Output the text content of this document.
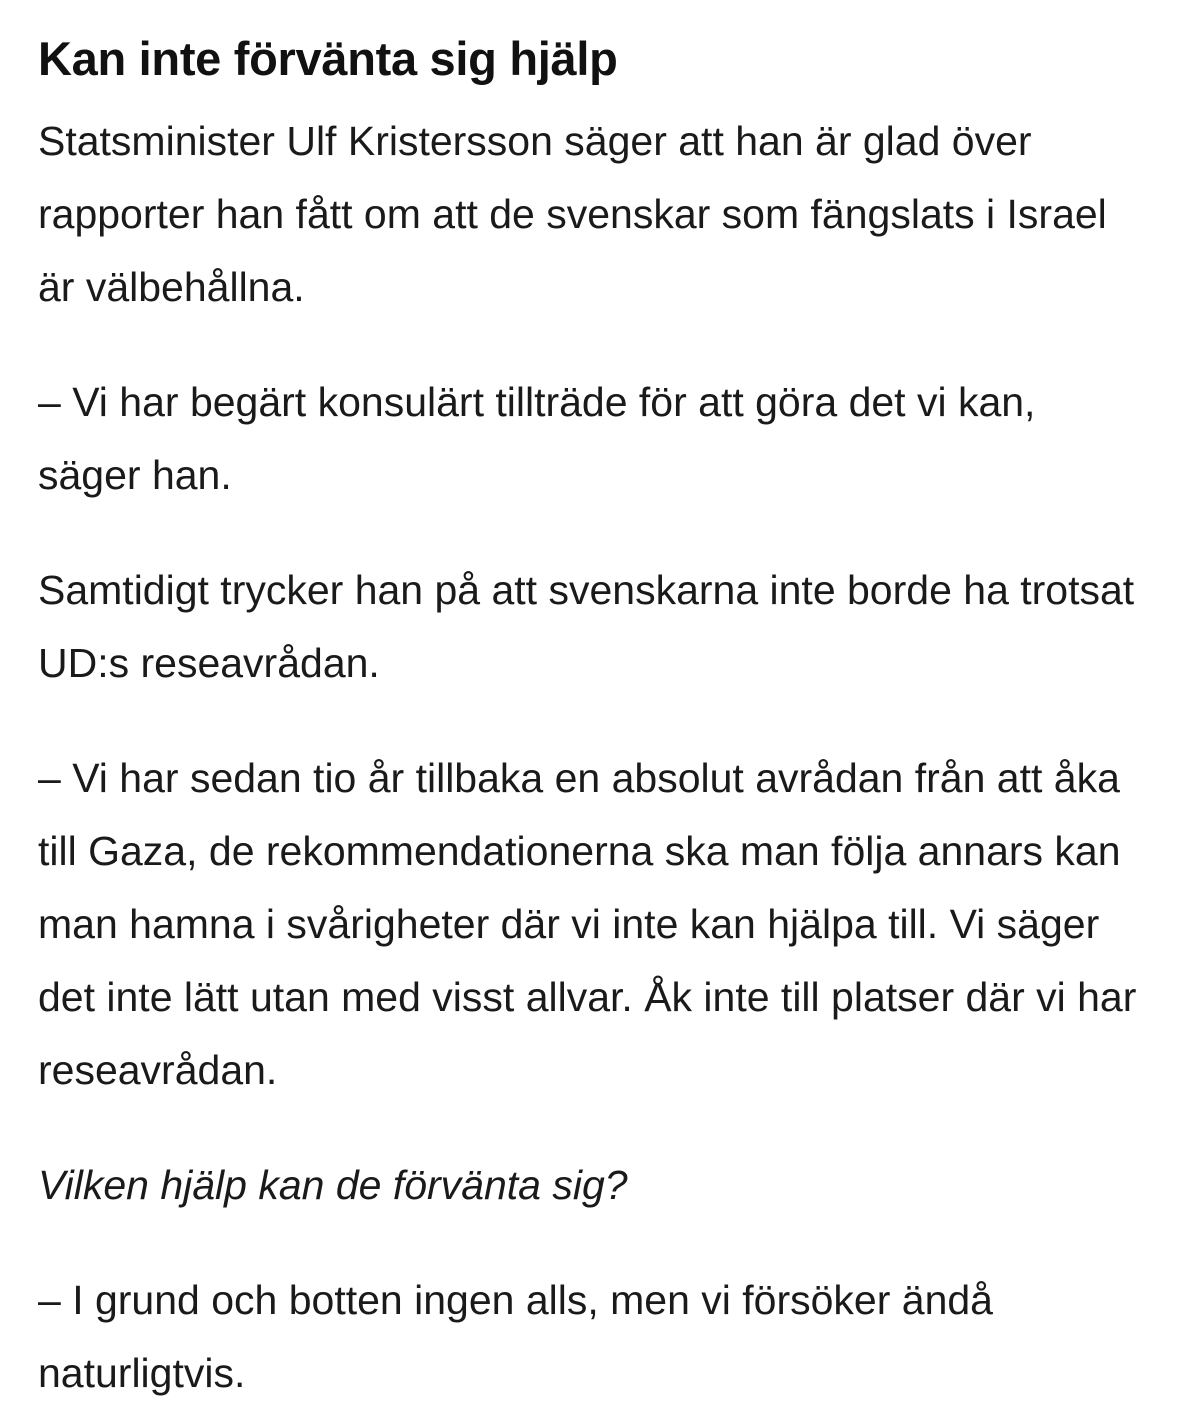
Kan inte förvänta sig hjälp

Statsminister Ulf Kristersson säger att han är glad över rapporter han fått om att de svenskar som fängslats i Israel är välbehållna.

– Vi har begärt konsulärt tillträde för att göra det vi kan, säger han.

Samtidigt trycker han på att svenskarna inte borde ha trotsat UD:s reseavrådan.

– Vi har sedan tio år tillbaka en absolut avrådan från att åka till Gaza, de rekommendationerna ska man följa annars kan man hamna i svårigheter där vi inte kan hjälpa till. Vi säger det inte lätt utan med visst allvar. Åk inte till platser där vi har reseavrådan.

Vilken hjälp kan de förvänta sig?

– I grund och botten ingen alls, men vi försöker ändå naturligtvis.
